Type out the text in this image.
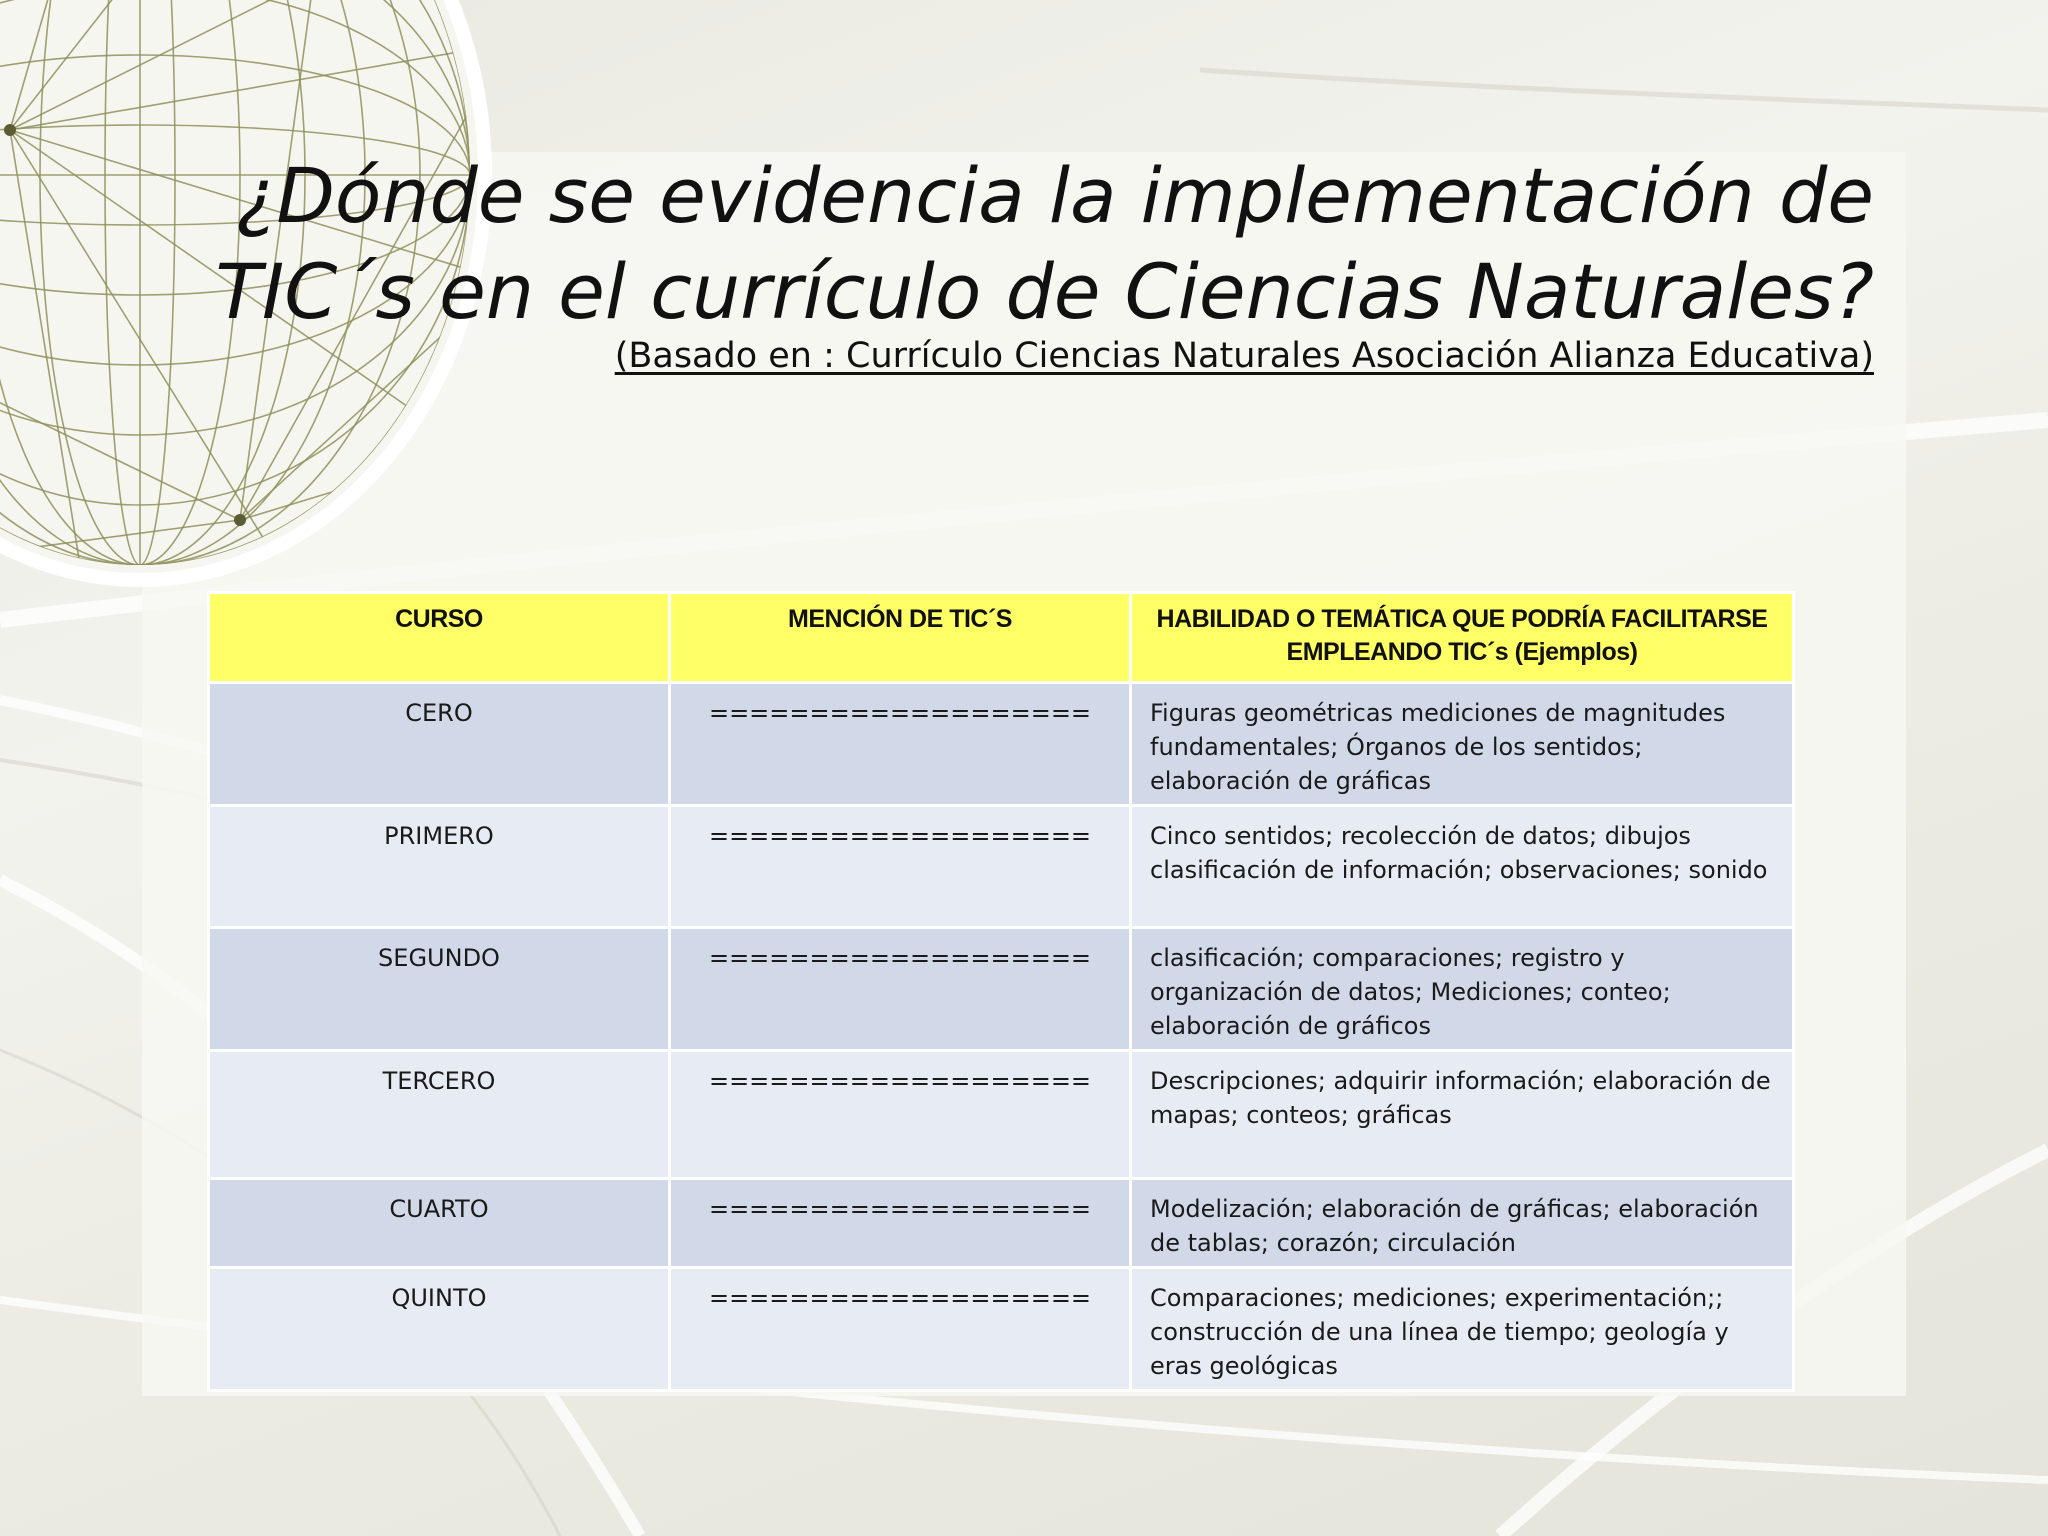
¿Dónde se evidencia la implementación de
TIC´s en el currículo de Ciencias Naturales?

(Basado en : Currículo Ciencias Naturales Asociación Alianza Educativa)

CURSO	MENCIÓN DE TIC´S	HABILIDAD O TEMÁTICA QUE PODRÍA FACILITARSE EMPLEANDO TIC´s (Ejemplos)
CERO	===================	Figuras geométricas mediciones de magnitudes fundamentales; Órganos de los sentidos; elaboración de gráficas
PRIMERO	===================	Cinco sentidos; recolección de datos; dibujos clasificación de información; observaciones; sonido
SEGUNDO	===================	clasificación; comparaciones; registro y organización de datos; Mediciones; conteo; elaboración de gráficos
TERCERO	===================	Descripciones; adquirir información; elaboración de mapas; conteos; gráficas
CUARTO	===================	Modelización; elaboración de gráficas; elaboración de tablas; corazón; circulación
QUINTO	===================	Comparaciones; mediciones; experimentación;; construcción de una línea de tiempo; geología y eras geológicas
